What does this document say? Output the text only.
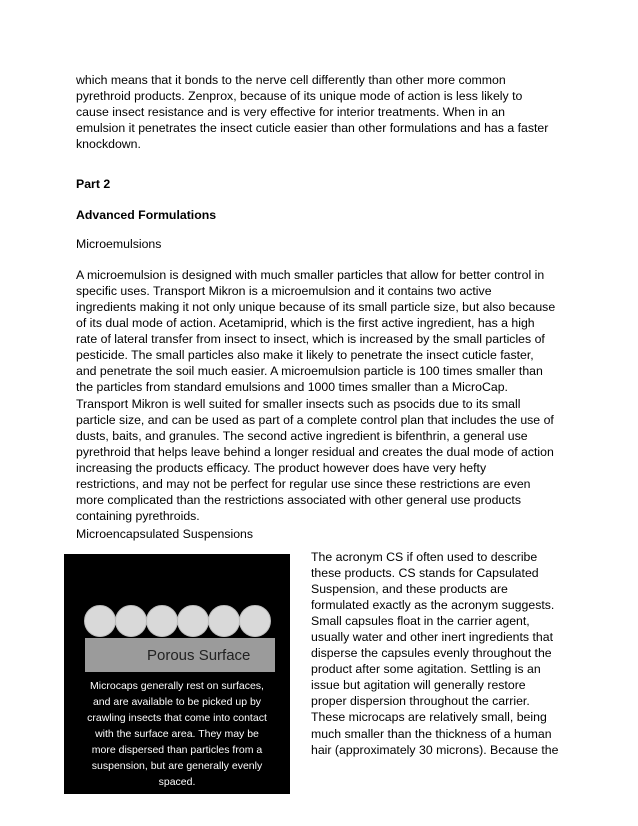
which means that it bonds to the nerve cell differently than other more common
pyrethroid products. Zenprox, because of its unique mode of action is less likely to
cause insect resistance and is very effective for interior treatments. When in an
emulsion it penetrates the insect cuticle easier than other formulations and has a faster
knockdown.
Part 2
Advanced Formulations
Microemulsions
A microemulsion is designed with much smaller particles that allow for better control in
specific uses. Transport Mikron is a microemulsion and it contains two active
ingredients making it not only unique because of its small particle size, but also because
of its dual mode of action. Acetamiprid, which is the first active ingredient, has a high
rate of lateral transfer from insect to insect, which is increased by the small particles of
pesticide. The small particles also make it likely to penetrate the insect cuticle faster,
and penetrate the soil much easier. A microemulsion particle is 100 times smaller than
the particles from standard emulsions and 1000 times smaller than a MicroCap.
Transport Mikron is well suited for smaller insects such as psocids due to its small
particle size, and can be used as part of a complete control plan that includes the use of
dusts, baits, and granules. The second active ingredient is bifenthrin, a general use
pyrethroid that helps leave behind a longer residual and creates the dual mode of action
increasing the products efficacy. The product however does have very hefty
restrictions, and may not be perfect for regular use since these restrictions are even
more complicated than the restrictions associated with other general use products
containing pyrethroids.
Microencapsulated Suspensions
Porous Surface
Microcaps generally rest on surfaces,
and are available to be picked up by
crawling insects that come into contact
with the surface area. They may be
more dispersed than particles from a
suspension, but are generally evenly
spaced.
The acronym CS if often used to describe
these products. CS stands for Capsulated
Suspension, and these products are
formulated exactly as the acronym suggests.
Small capsules float in the carrier agent,
usually water and other inert ingredients that
disperse the capsules evenly throughout the
product after some agitation. Settling is an
issue but agitation will generally restore
proper dispersion throughout the carrier.
These microcaps are relatively small, being
much smaller than the thickness of a human
hair (approximately 30 microns). Because the
